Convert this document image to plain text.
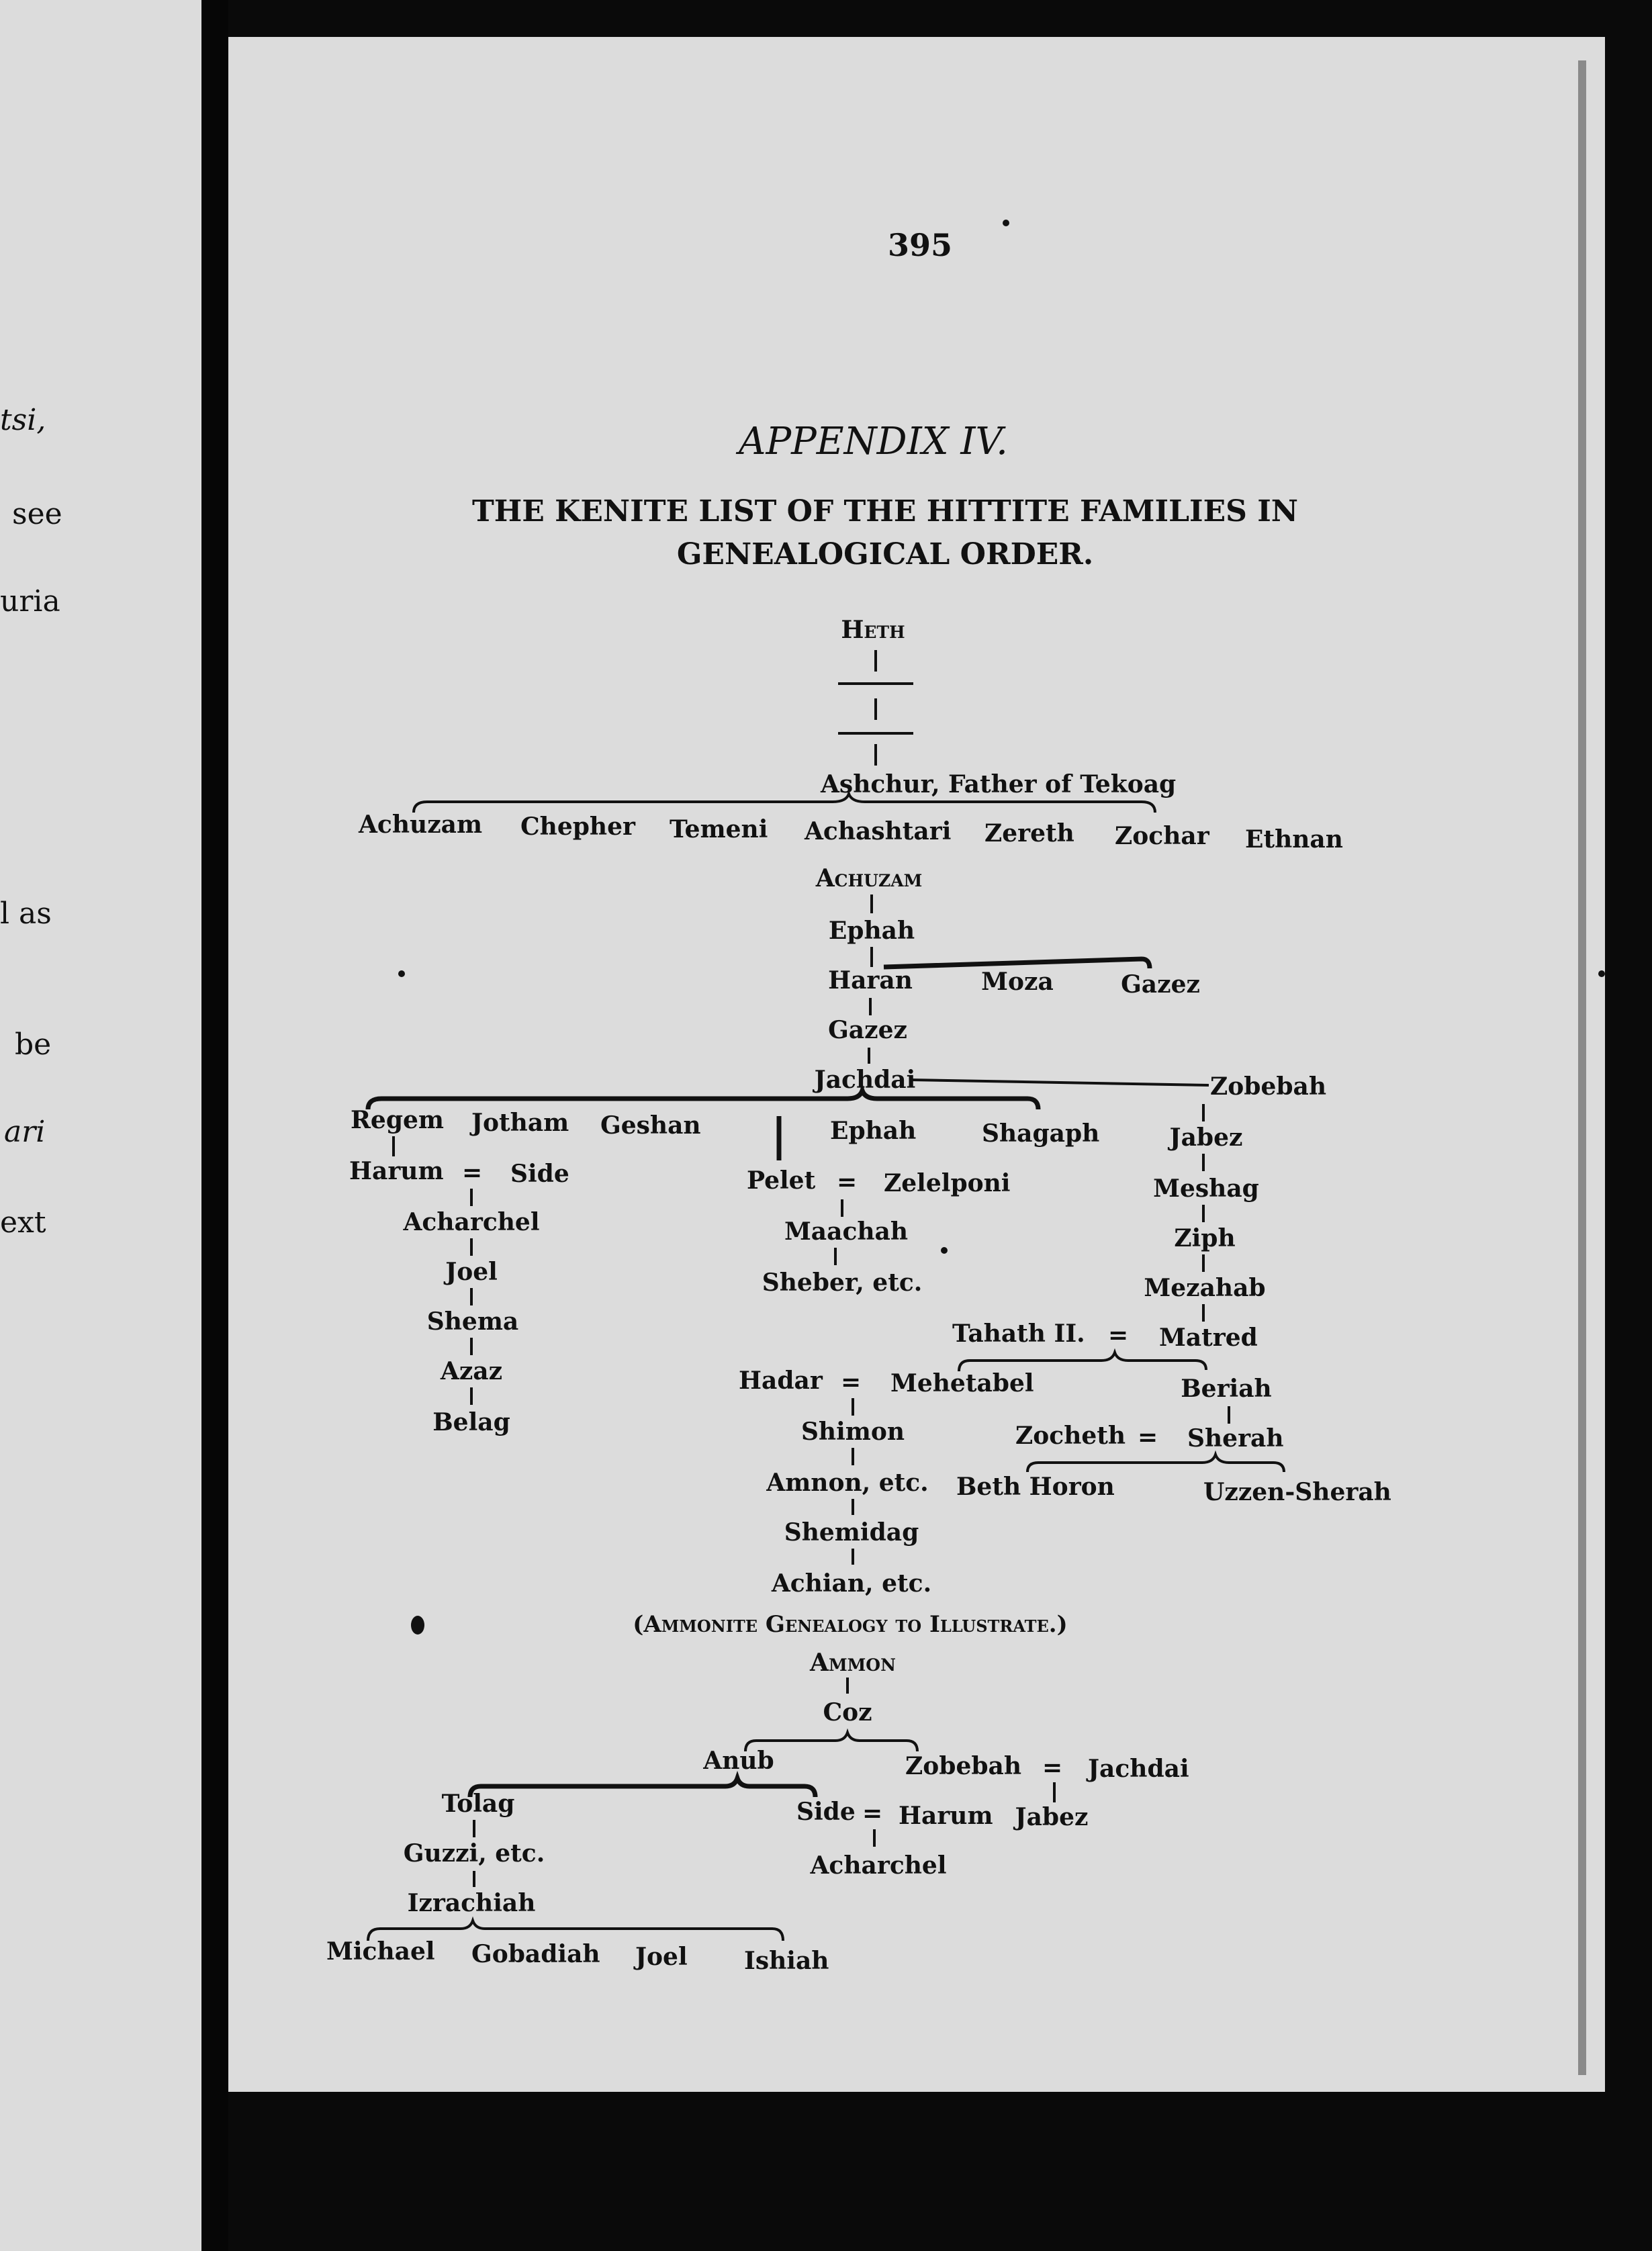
tsi,
see
uria
l as
be
ari
ext
395
APPENDIX IV.
THE KENITE LIST OF THE HITTITE FAMILIES IN GENEALOGICAL ORDER.
Heth
Ashchur, Father of Tekoag
Achuzam Chepher Temeni Achashtari Zereth Zochar Ethnan
Achuzam
Ephah
Haran	Moza	Gazez
Gazez
Jachdai	Zobebah
Regem Jotham Geshan	Ephah	Shagaph
Harum = Side
Acharchel
Joel
Shema
Azaz
Belag
Pelet = Zelelponi
Maachah
Sheber, etc.
Jabez
Meshag
Ziph
Mezahab
Tahath II. = Matred
Hadar = Mehetabel
Shimon
Amnon, etc.
Shemidag
Achian, etc.
Beriah
Zocheth = Sherah
Beth Horon	Uzzen-Sherah
(Ammonite Genealogy to Illustrate.)
Ammon
Coz
Anub	Zobebah = Jachdai
Jabez
Tolag	Side = Harum
Acharchel
Guzzi, etc.
Izrachiah
Michael Gobadiah Joel Ishiah
